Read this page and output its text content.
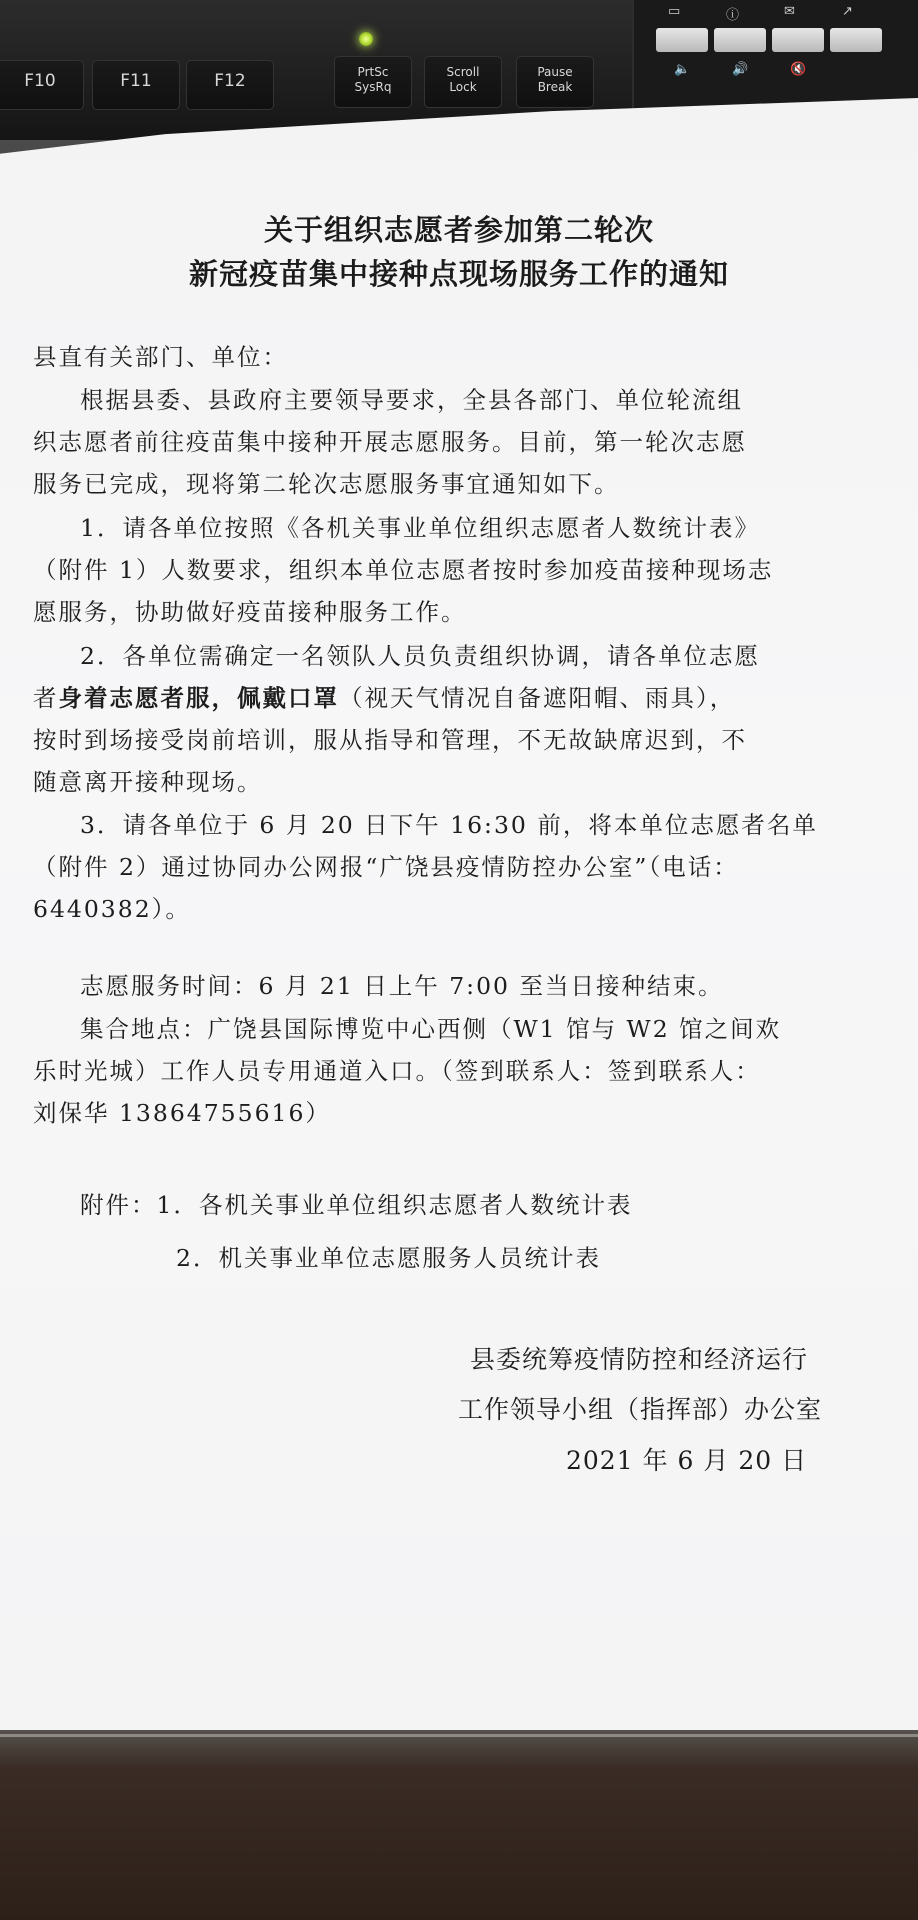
F10	F11	F12	PrtSc
SysRq
Scroll
Lock
Pause
Break
▭	ⓘ	✉	↗
🔈	🔊	🔇
关于组织志愿者参加第二轮次
新冠疫苗集中接种点现场服务工作的通知
县直有关部门、单位：
根据县委、县政府主要领导要求，全县各部门、单位轮流组
织志愿者前往疫苗集中接种开展志愿服务。目前，第一轮次志愿
服务已完成，现将第二轮次志愿服务事宜通知如下。
1．请各单位按照《各机关事业单位组织志愿者人数统计表》
（附件 1）人数要求，组织本单位志愿者按时参加疫苗接种现场志
愿服务，协助做好疫苗接种服务工作。
2．各单位需确定一名领队人员负责组织协调，请各单位志愿
者身着志愿者服，佩戴口罩（视天气情况自备遮阳帽、雨具），
按时到场接受岗前培训，服从指导和管理，不无故缺席迟到，不
随意离开接种现场。
3．请各单位于 6 月 20 日下午 16:30 前，将本单位志愿者名单
（附件 2）通过协同办公网报“广饶县疫情防控办公室”（电话：
6440382）。
志愿服务时间：6 月 21 日上午 7:00 至当日接种结束。
集合地点：广饶县国际博览中心西侧（W1 馆与 W2 馆之间欢
乐时光城）工作人员专用通道入口。（签到联系人：签到联系人：
刘保华 13864755616）
附件：1．各机关事业单位组织志愿者人数统计表
2．机关事业单位志愿服务人员统计表
县委统筹疫情防控和经济运行
工作领导小组（指挥部）办公室
2021 年 6 月 20 日
